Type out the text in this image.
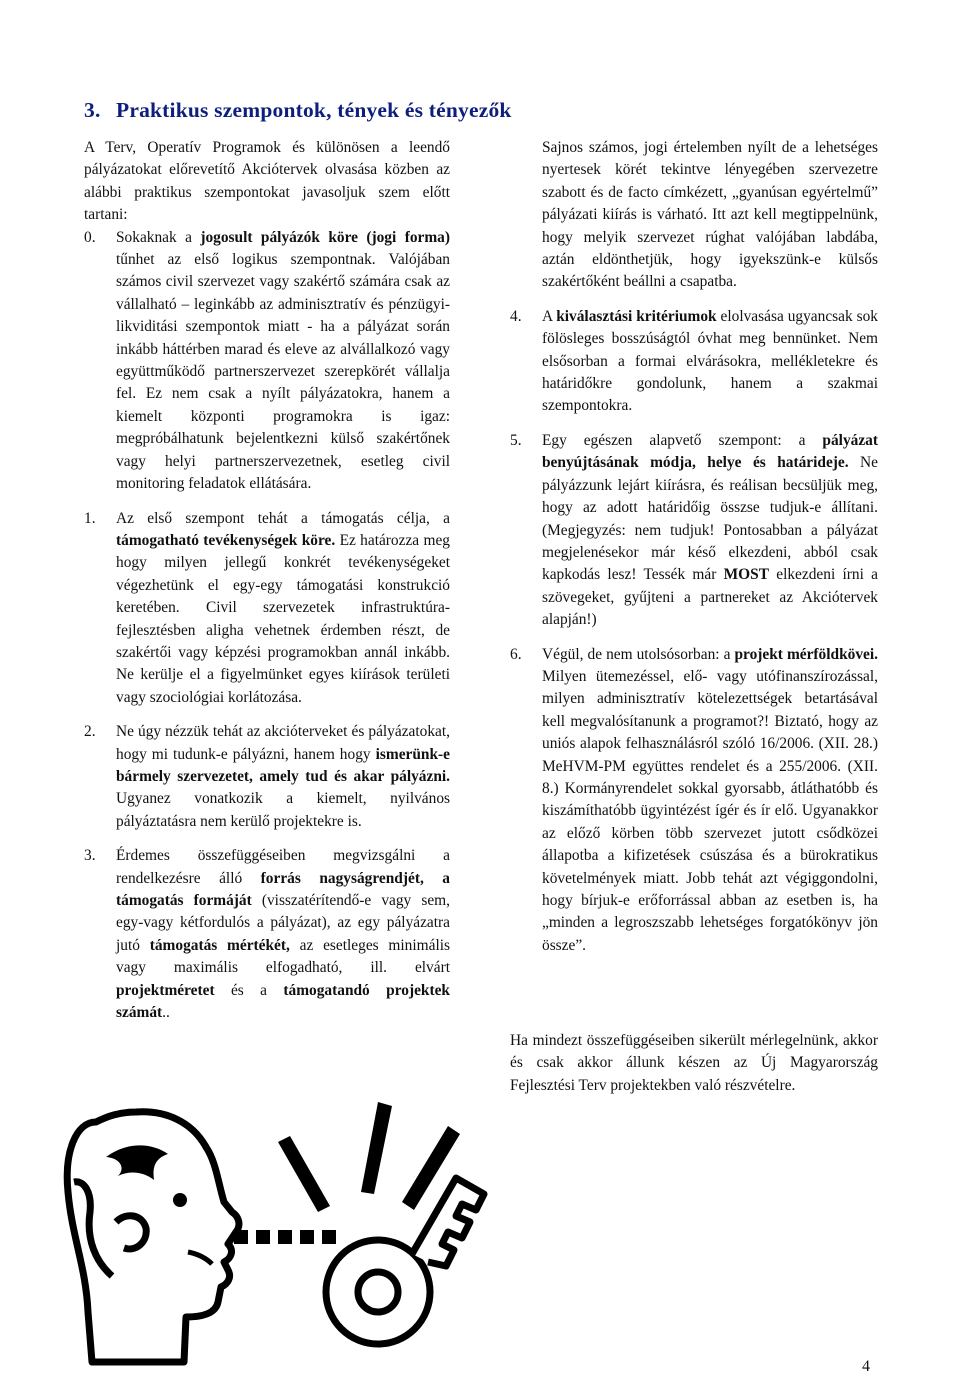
3. Praktikus szempontok, tények és tényezők

A Terv, Operatív Programok és különösen a leendő pályázatokat előrevetítő Akciótervek olvasása közben az alábbi praktikus szempontokat javasoljuk szem előtt tartani:

0. Sokaknak a jogosult pályázók köre (jogi forma) tűnhet az első logikus szempontnak. Valójában számos civil szervezet vagy szakértő számára csak az vállalható – leginkább az adminisztratív és pénzügyi-likviditási szempontok miatt - ha a pályázat során inkább háttérben marad és eleve az alvállalkozó vagy együttműködő partnerszervezet szerepkörét vállalja fel. Ez nem csak a nyílt pályázatokra, hanem a kiemelt központi programokra is igaz: megpróbálhatunk bejelentkezni külső szakértőnek vagy helyi partnerszervezetnek, esetleg civil monitoring feladatok ellátására.

1. Az első szempont tehát a támogatás célja, a támogatható tevékenységek köre. Ez határozza meg hogy milyen jellegű konkrét tevékenységeket végezhetünk el egy-egy támogatási konstrukció keretében. Civil szervezetek infrastruktúra-fejlesztésben aligha vehetnek érdemben részt, de szakértői vagy képzési programokban annál inkább. Ne kerülje el a figyelmünket egyes kiírások területi vagy szociológiai korlátozása.

2. Ne úgy nézzük tehát az akcióterveket és pályázatokat, hogy mi tudunk-e pályázni, hanem hogy ismerünk-e bármely szervezetet, amely tud és akar pályázni. Ugyanez vonatkozik a kiemelt, nyilvános pályáztatásra nem kerülő projektekre is.

3. Érdemes összefüggéseiben megvizsgálni a rendelkezésre álló forrás nagyságrendjét, a támogatás formáját (visszatérítendő-e vagy sem, egy-vagy kétfordulós a pályázat), az egy pályázatra jutó támogatás mértékét, az esetleges minimális vagy maximális elfogadható, ill. elvárt projektméretet és a támogatandó projektek számát..

Sajnos számos, jogi értelemben nyílt de a lehetséges nyertesek körét tekintve lényegében szervezetre szabott és de facto címkézett, „gyanúsan egyértelmű” pályázati kiírás is várható. Itt azt kell megtippelnünk, hogy melyik szervezet rúghat valójában labdába, aztán eldönthetjük, hogy igyekszünk-e külsős szakértőként beállni a csapatba.

4. A kiválasztási kritériumok elolvasása ugyancsak sok fölösleges bosszúságtól óvhat meg bennünket. Nem elsősorban a formai elvárásokra, mellékletekre és határidőkre gondolunk, hanem a szakmai szempontokra.

5. Egy egészen alapvető szempont: a pályázat benyújtásának módja, helye és határideje. Ne pályázzunk lejárt kiírásra, és reálisan becsüljük meg, hogy az adott határidőig összse tudjuk-e állítani. (Megjegyzés: nem tudjuk! Pontosabban a pályázat megjelenésekor már késő elkezdeni, abból csak kapkodás lesz! Tessék már MOST elkezdeni írni a szövegeket, gyűjteni a partnereket az Akciótervek alapján!)

6. Végül, de nem utolsósorban: a projekt mérföldkövei. Milyen ütemezéssel, elő- vagy utófinanszírozással, milyen adminisztratív kötelezettségek betartásával kell megvalósítanunk a programot?! Biztató, hogy az uniós alapok felhasználásról szóló 16/2006. (XII. 28.) MeHVM-PM együttes rendelet és a 255/2006. (XII. 8.) Kormányrendelet sokkal gyorsabb, átláthatóbb és kiszámíthatóbb ügyintézést ígér és ír elő. Ugyanakkor az előző körben több szervezet jutott csődközei állapotba a kifizetések csúszása és a bürokratikus követelmények miatt. Jobb tehát azt végiggondolni, hogy bírjuk-e erőforrással abban az esetben is, ha „minden a legroszszabb lehetséges forgatókönyv jön össze”.

Ha mindezt összefüggéseiben sikerült mérlegelnünk, akkor és csak akkor állunk készen az Új Magyarország Fejlesztési Terv projektekben való részvételre.

4
